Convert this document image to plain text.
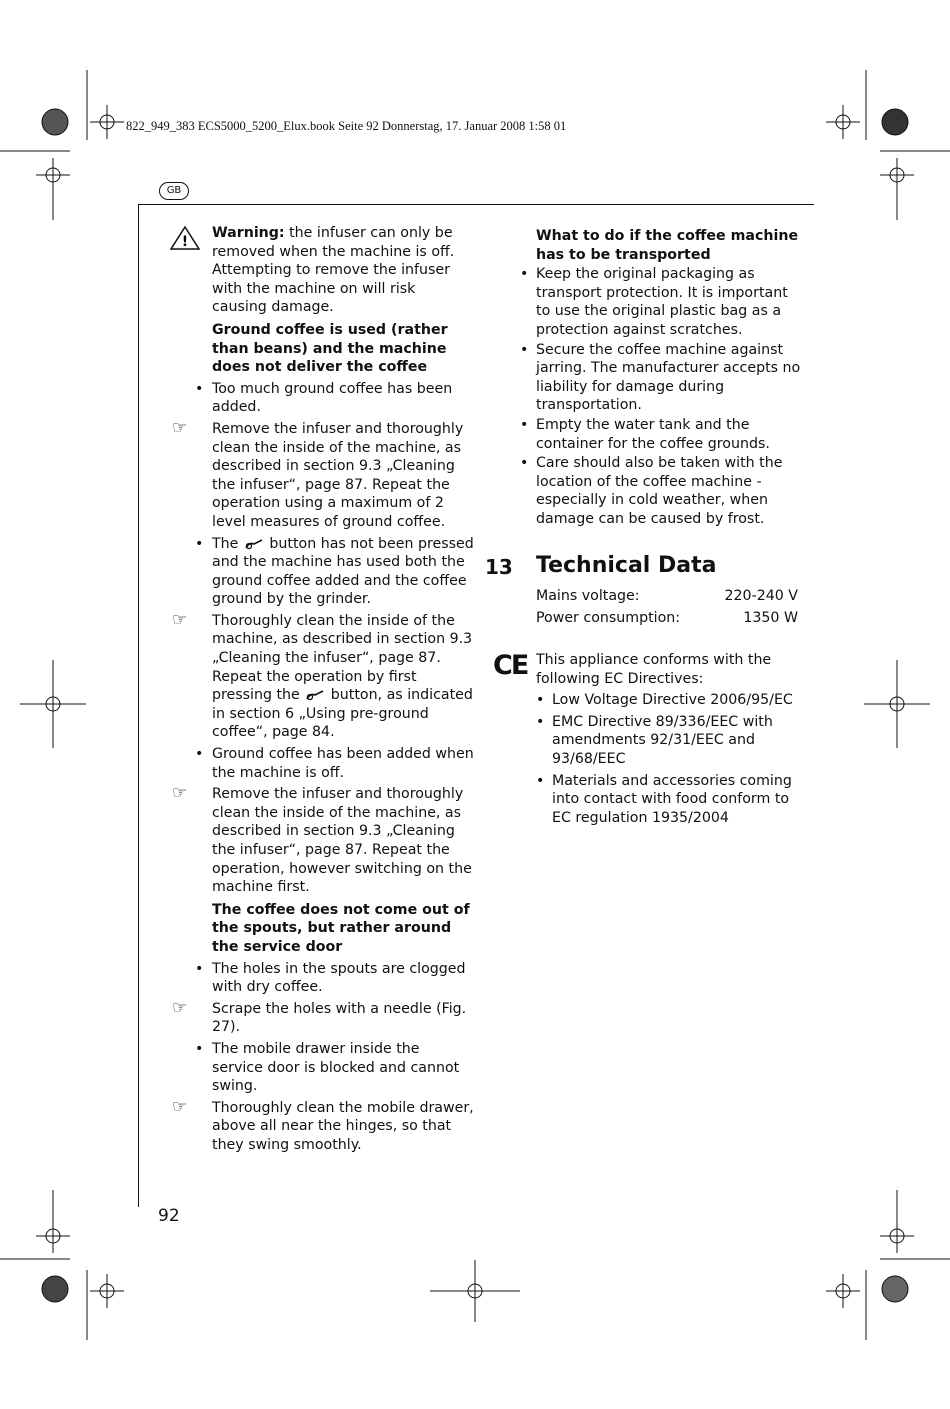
822_949_383 ECS5000_5200_Elux.book Seite 92 Donnerstag, 17. Januar 2008 1:58 01
GB

!
Warning: the infuser can only be removed when the machine is off. Attempting to remove the infuser with the machine on will risk causing damage.

Ground coffee is used (rather than beans) and the machine does not deliver the coffee

• Too much ground coffee has been added.

☞ Remove the infuser and thoroughly clean the inside of the machine, as described in section 9.3 „Cleaning the infuser“, page 87. Repeat the operation using a maximum of 2 level measures of ground coffee.

• The  button has not been pressed and the machine has used both the ground coffee added and the coffee ground by the grinder.

☞ Thoroughly clean the inside of the machine, as described in section 9.3 „Cleaning the infuser“, page 87. Repeat the operation by first pressing the  button, as indicated in section 6 „Using pre-ground coffee“, page 84.

• Ground coffee has been added when the machine is off.

☞ Remove the infuser and thoroughly clean the inside of the machine, as described in section 9.3 „Cleaning the infuser“, page 87. Repeat the operation, however switching on the machine first.

The coffee does not come out of the spouts, but rather around the service door

• The holes in the spouts are clogged with dry coffee.

☞ Scrape the holes with a needle (Fig. 27).

• The mobile drawer inside the service door is blocked and cannot swing.

☞ Thoroughly clean the mobile drawer, above all near the hinges, so that they swing smoothly.

What to do if the coffee machine has to be transported

• Keep the original packaging as transport protection. It is important to use the original plastic bag as a protection against scratches.

• Secure the coffee machine against jarring. The manufacturer accepts no liability for damage during transportation.

• Empty the water tank and the container for the coffee grounds.

• Care should also be taken with the location of the coffee machine - especially in cold weather, when damage can be caused by frost.

13 Technical Data
Mains voltage:	220-240 V
Power consumption:	1350 W
CE This appliance conforms with the following EC Directives:

• Low Voltage Directive 2006/95/EC

• EMC Directive 89/336/EEC with amendments 92/31/EEC and 93/68/EEC

• Materials and accessories coming into contact with food conform to EC regulation 1935/2004

92
